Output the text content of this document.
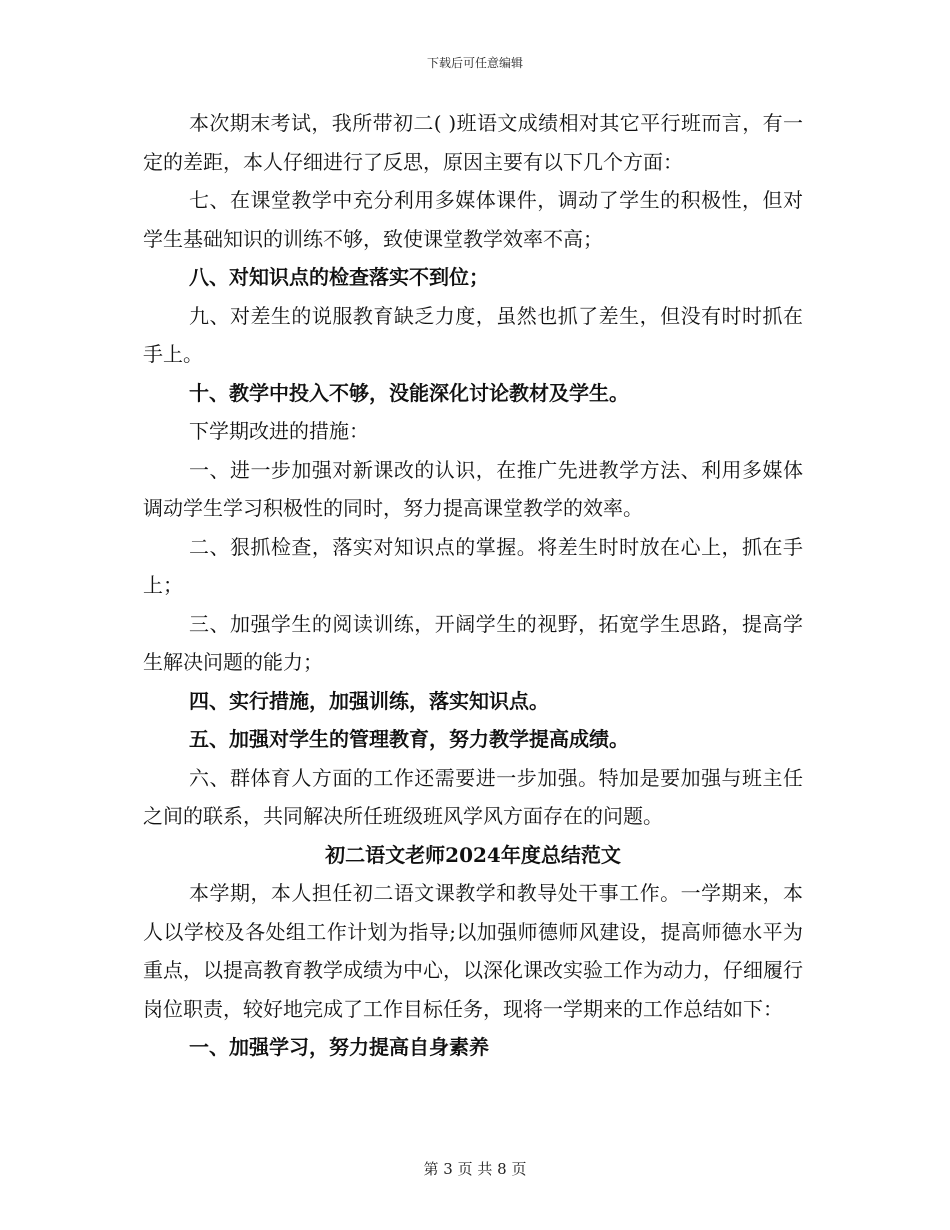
下载后可任意编辑

本次期末考试，我所带初二( )班语文成绩相对其它平行班而言，有一定的差距，本人仔细进行了反思，原因主要有以下几个方面：

七、在课堂教学中充分利用多媒体课件，调动了学生的积极性，但对学生基础知识的训练不够，致使课堂教学效率不高；

八、对知识点的检查落实不到位；

九、对差生的说服教育缺乏力度，虽然也抓了差生，但没有时时抓在手上。

十、教学中投入不够，没能深化讨论教材及学生。

下学期改进的措施：

一、进一步加强对新课改的认识，在推广先进教学方法、利用多媒体调动学生学习积极性的同时，努力提高课堂教学的效率。

二、狠抓检查，落实对知识点的掌握。将差生时时放在心上，抓在手上；

三、加强学生的阅读训练，开阔学生的视野，拓宽学生思路，提高学生解决问题的能力；

四、实行措施，加强训练，落实知识点。

五、加强对学生的管理教育，努力教学提高成绩。

六、群体育人方面的工作还需要进一步加强。特加是要加强与班主任之间的联系，共同解决所任班级班风学风方面存在的问题。

初二语文老师2024年度总结范文

本学期，本人担任初二语文课教学和教导处干事工作。一学期来，本人以学校及各处组工作计划为指导;以加强师德师风建设，提高师德水平为重点，以提高教育教学成绩为中心，以深化课改实验工作为动力，仔细履行岗位职责，较好地完成了工作目标任务，现将一学期来的工作总结如下：

一、加强学习，努力提高自身素养

第 3 页 共 8 页
